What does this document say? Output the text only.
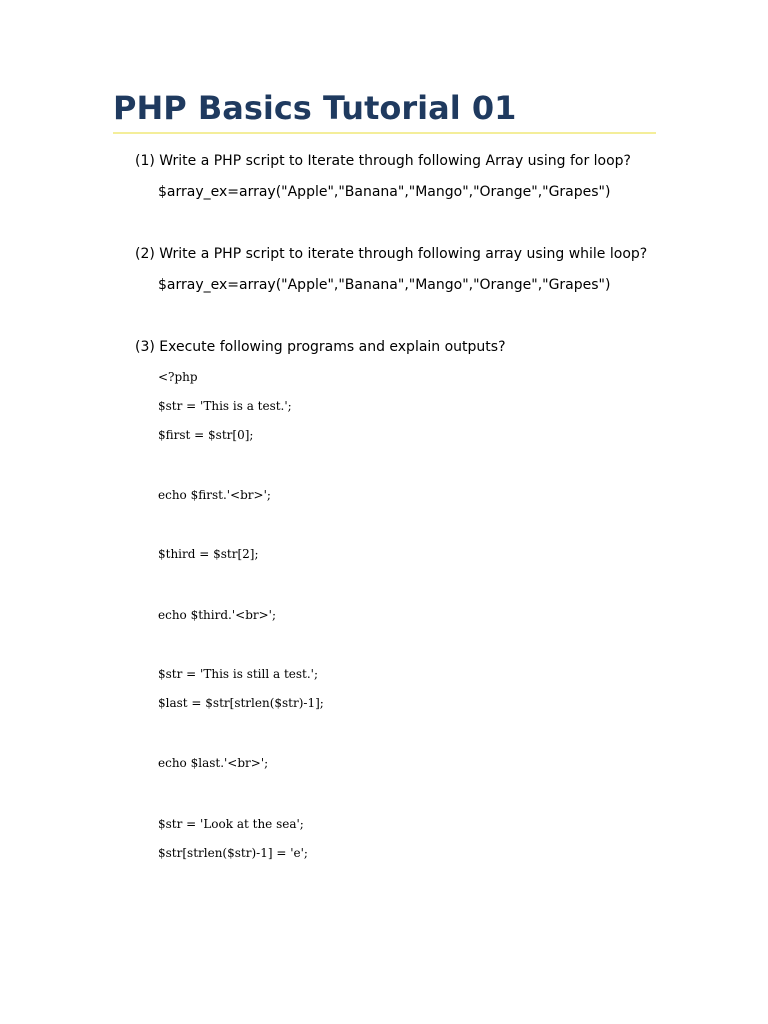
PHP Basics Tutorial 01
(1) Write a PHP script to Iterate through following Array using for loop?
$array_ex=array("Apple","Banana","Mango","Orange","Grapes")
(2) Write a PHP script to iterate through following array using while loop?
$array_ex=array("Apple","Banana","Mango","Orange","Grapes")
(3) Execute following programs and explain outputs?
<?php
$str = 'This is a test.';
$first = $str[0];
echo $first.'<br>';
$third = $str[2];
echo $third.'<br>';
$str = 'This is still a test.';
$last = $str[strlen($str)-1];
echo $last.'<br>';
$str = 'Look at the sea';
$str[strlen($str)-1] = 'e';
